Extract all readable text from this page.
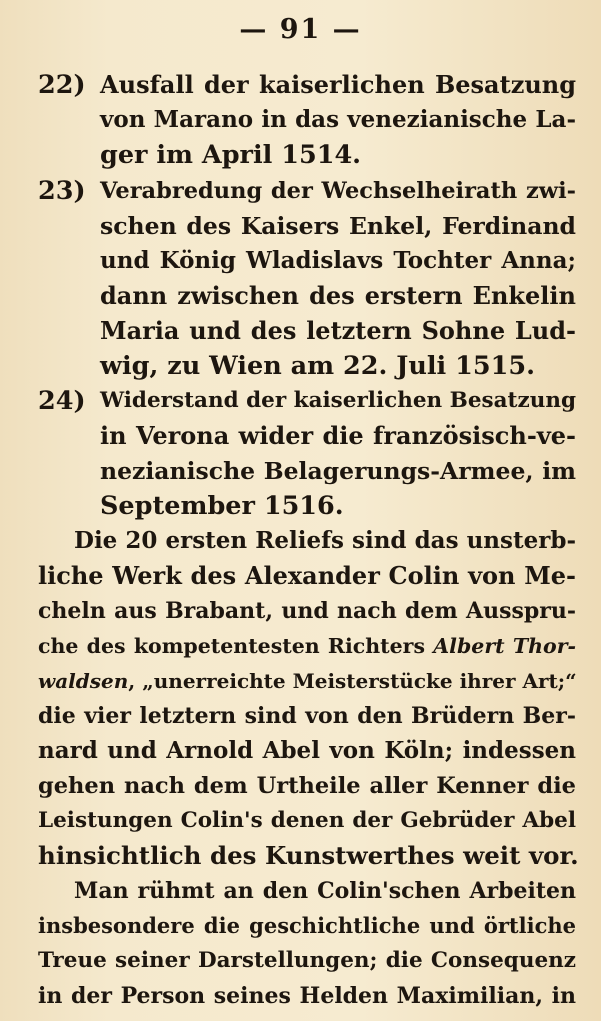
— 91 —
22) Ausfall der kaiserlichen Besatzung
von Marano in das venezianische La-
ger im April 1514.
23) Verabredung der Wechselheirath zwi-
schen des Kaisers Enkel, Ferdinand
und König Wladislavs Tochter Anna;
dann zwischen des erstern Enkelin
Maria und des letztern Sohne Lud-
wig, zu Wien am 22. Juli 1515.
24) Widerstand der kaiserlichen Besatzung
in Verona wider die französisch-ve-
nezianische Belagerungs-Armee, im
September 1516.
Die 20 ersten Reliefs sind das unsterb-
liche Werk des Alexander Colin von Me-
cheln aus Brabant, und nach dem Ausspru-
che des kompetentesten Richters Albert Thor-
waldsen, „unerreichte Meisterstücke ihrer Art;“
die vier letztern sind von den Brüdern Ber-
nard und Arnold Abel von Köln; indessen
gehen nach dem Urtheile aller Kenner die
Leistungen Colin's denen der Gebrüder Abel
hinsichtlich des Kunstwerthes weit vor.
Man rühmt an den Colin'schen Arbeiten
insbesondere die geschichtliche und örtliche
Treue seiner Darstellungen; die Consequenz
in der Person seines Helden Maximilian, in
